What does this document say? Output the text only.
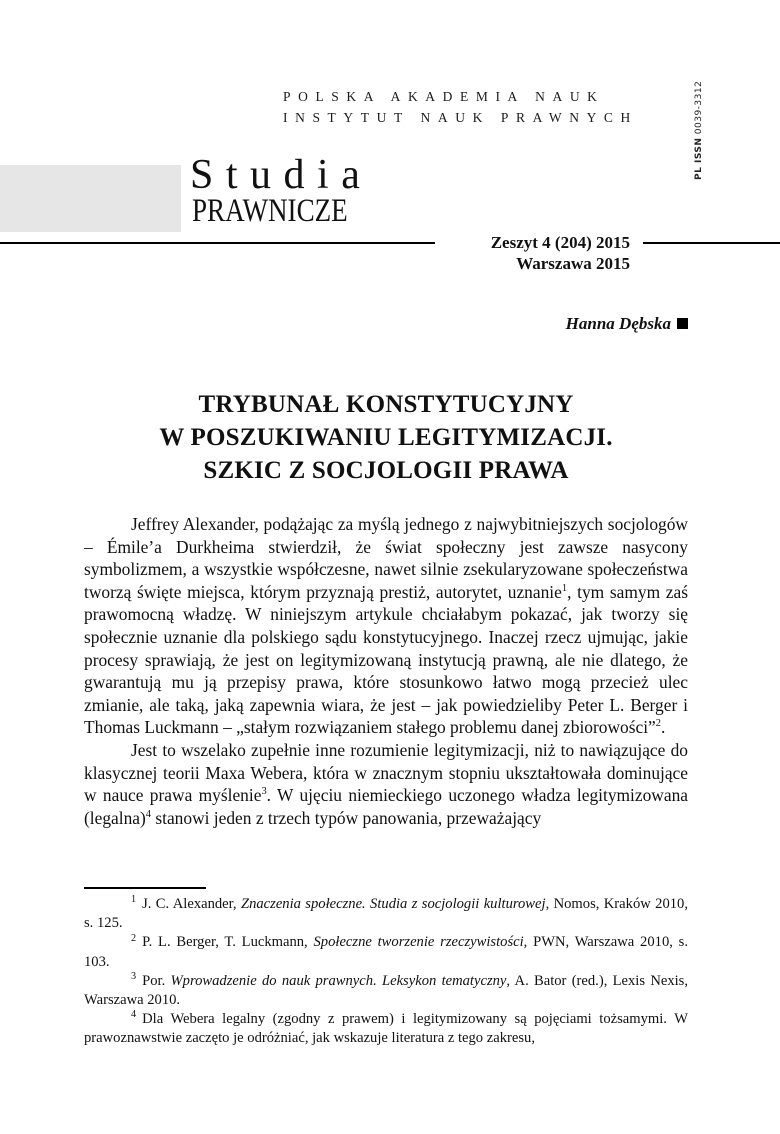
POLSKA AKADEMIA NAUK
INSTYTUT NAUK PRAWNYCH
PL ISSN 0039-3312
Studia
PRAWNICZE
Zeszyt 4 (204) 2015
Warszawa 2015
Hanna Dębska
TRYBUNAŁ KONSTYTUCYJNY
W POSZUKIWANIU LEGITYMIZACJI.
SZKIC Z SOCJOLOGII PRAWA

Jeffrey Alexander, podążając za myślą jednego z najwybitniejszych socjologów – Émile’a Durkheima stwierdził, że świat społeczny jest zawsze nasycony symbolizmem, a wszystkie współczesne, nawet silnie zsekularyzowane społeczeństwa tworzą święte miejsca, którym przyznają prestiż, autorytet, uznanie$^1$, tym samym zaś prawomocną władzę. W niniejszym artykule chciałabym pokazać, jak tworzy się społecznie uznanie dla polskiego sądu konstytucyjnego. Inaczej rzecz ujmując, jakie procesy sprawiają, że jest on legitymizowaną instytucją prawną, ale nie dlatego, że gwarantują mu ją przepisy prawa, które stosunkowo łatwo mogą przecież ulec zmianie, ale taką, jaką zapewnia wiara, że jest – jak powiedzieliby Peter L. Berger i Thomas Luckmann – „stałym rozwiązaniem stałego problemu danej zbiorowości”$^2$.

Jest to wszelako zupełnie inne rozumienie legitymizacji, niż to nawiązujące do klasycznej teorii Maxa Webera, która w znacznym stopniu ukształtowała dominujące w nauce prawa myślenie$^3$. W ujęciu niemieckiego uczonego władza legitymizowana (legalna)$^4$ stanowi jeden z trzech typów panowania, przeważający

$^1$ J. C. Alexander, Znaczenia społeczne. Studia z socjologii kulturowej, Nomos, Kraków 2010, s. 125.

$^2$ P. L. Berger, T. Luckmann, Społeczne tworzenie rzeczywistości, PWN, Warszawa 2010, s. 103.

$^3$ Por. Wprowadzenie do nauk prawnych. Leksykon tematyczny, A. Bator (red.), Lexis Nexis, Warszawa 2010.

$^4$ Dla Webera legalny (zgodny z prawem) i legitymizowany są pojęciami tożsamymi. W prawoznawstwie zaczęto je odróżniać, jak wskazuje literatura z tego zakresu,
